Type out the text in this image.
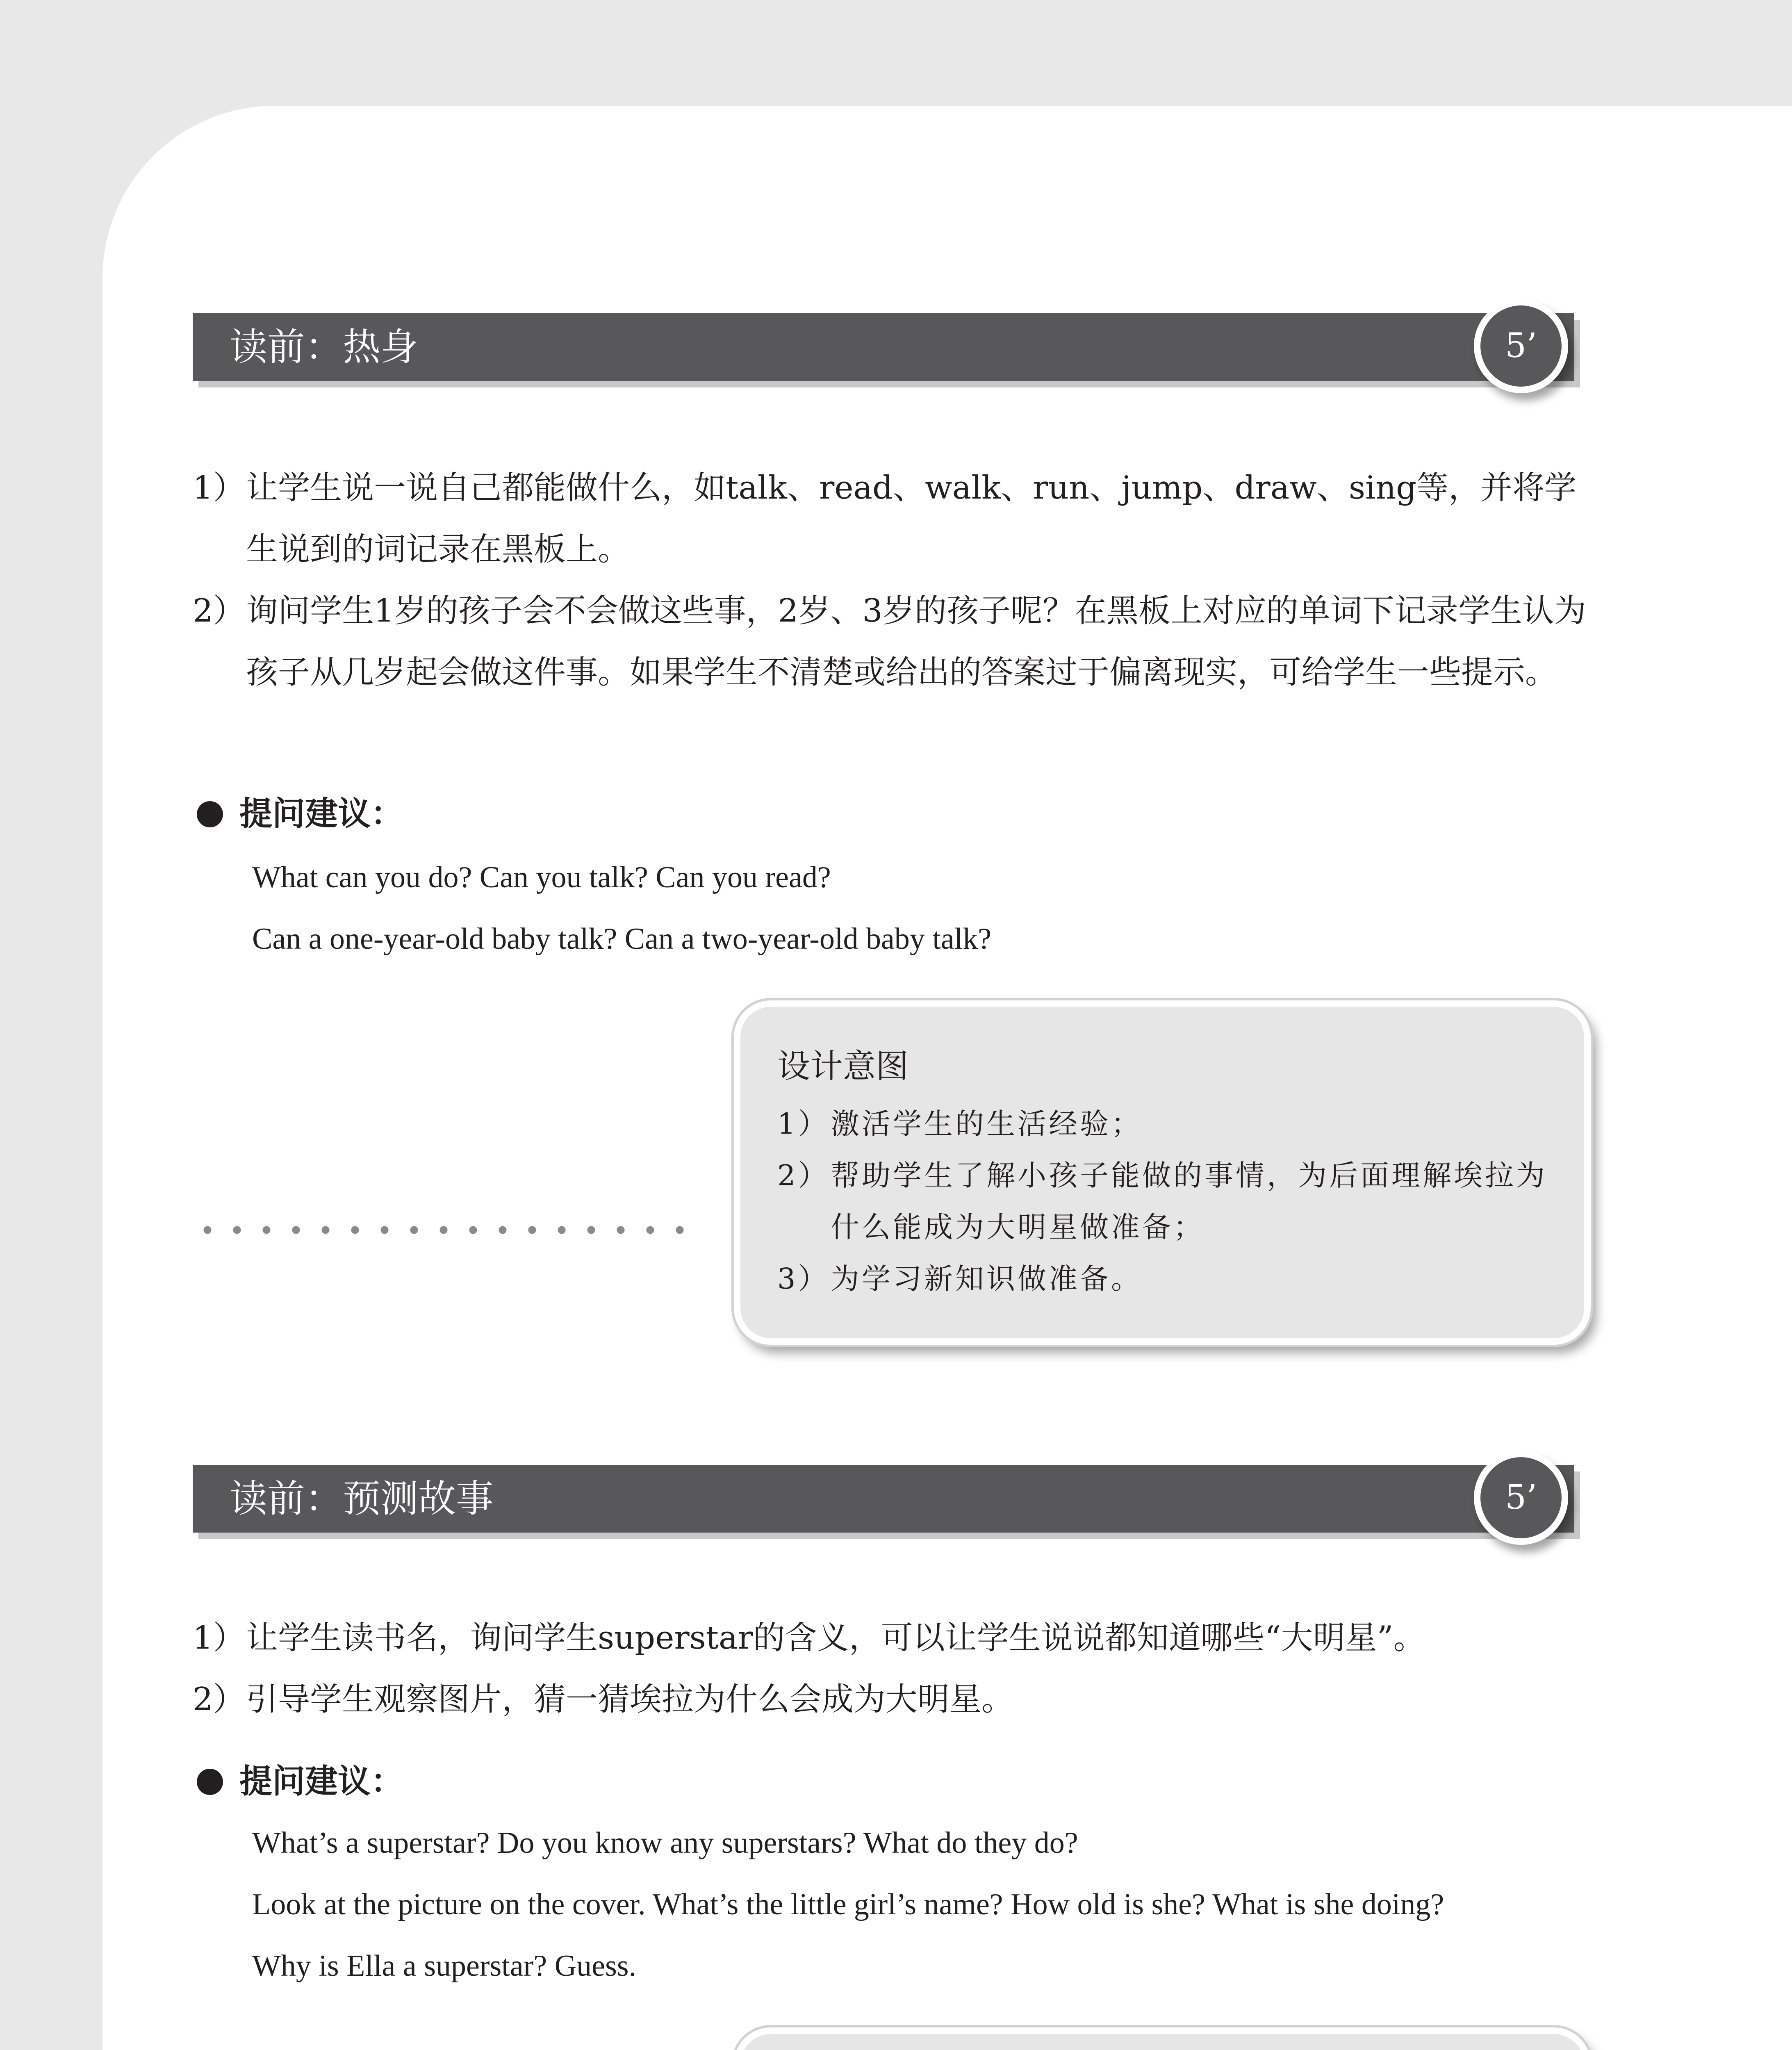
读前：热身	5’
1） 让学生说一说自己都能做什么，如talk、read、walk、run、jump、draw、sing等，并将学生说到的词记录在黑板上。
2） 询问学生1岁的孩子会不会做这些事，2岁、3岁的孩子呢？在黑板上对应的单词下记录学生认为孩子从几岁起会做这件事。如果学生不清楚或给出的答案过于偏离现实，可给学生一些提示。
提问建议：
What can you do? Can you talk? Can you read?
Can a one-year-old baby talk? Can a two-year-old baby talk?
设计意图
1） 激活学生的生活经验；
2） 帮助学生了解小孩子能做的事情，为后面理解埃拉为什么能成为大明星做准备；
3） 为学习新知识做准备。
读前：预测故事	5’
1） 让学生读书名，询问学生superstar的含义，可以让学生说说都知道哪些“大明星”。
2） 引导学生观察图片，猜一猜埃拉为什么会成为大明星。
提问建议：
What’s a superstar? Do you know any superstars? What do they do?
Look at the picture on the cover. What’s the little girl’s name? How old is she? What is she doing?
Why is Ella a superstar? Guess.
